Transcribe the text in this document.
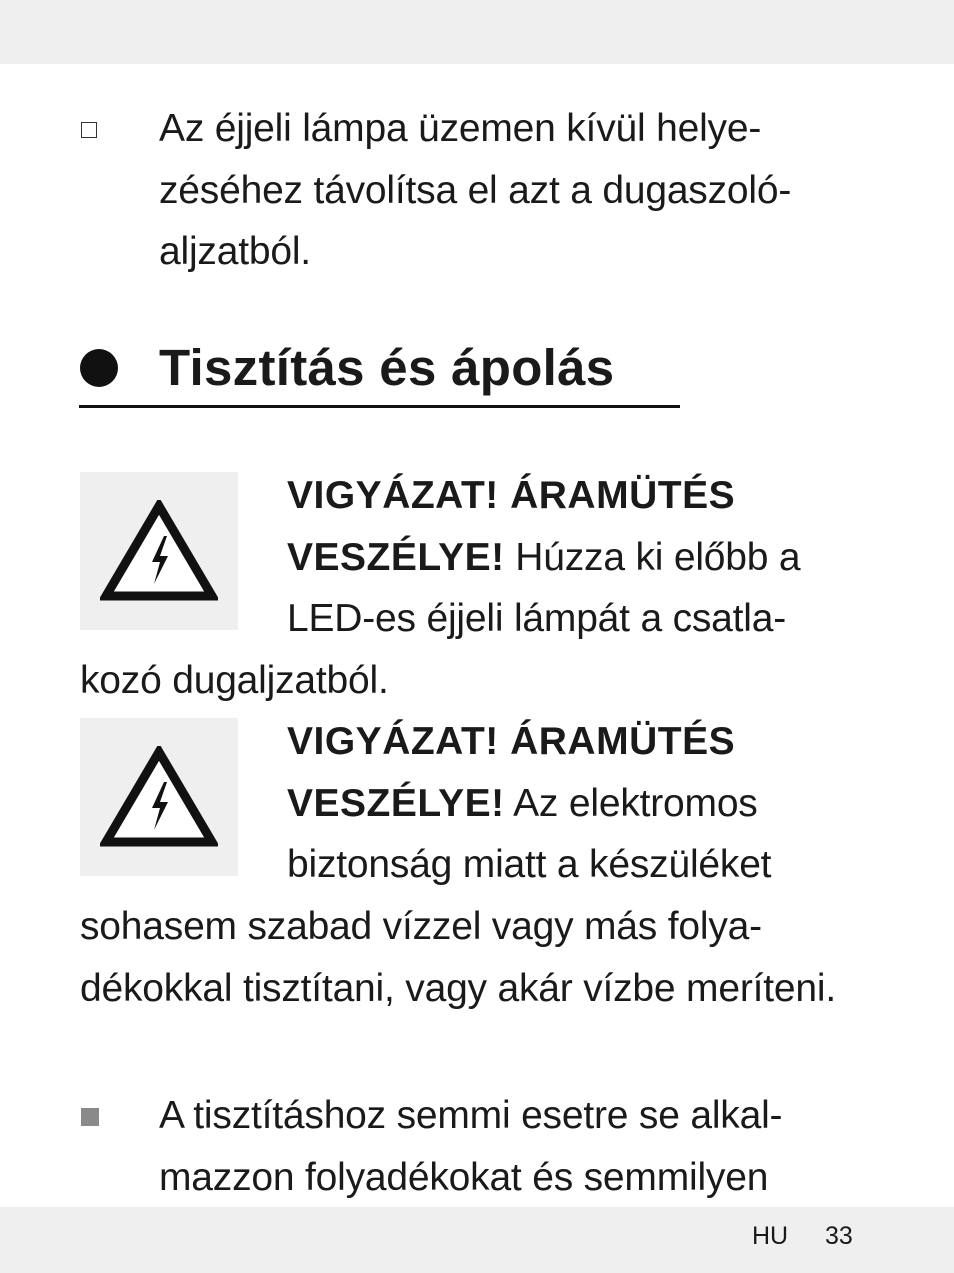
Az éjjeli lámpa üzemen kívül helye-
zéséhez távolítsa el azt a dugaszoló-
aljzatból.
Tisztítás és ápolás
VIGYÁZAT! ÁRAMÜTÉS
VESZÉLYE! Húzza ki előbb a
LED-es éjjeli lámpát a csatla-
kozó dugaljzatból.
VIGYÁZAT! ÁRAMÜTÉS
VESZÉLYE! Az elektromos
biztonság miatt a készüléket
sohasem szabad vízzel vagy más folya-
dékokkal tisztítani, vagy akár vízbe meríteni.
A tisztításhoz semmi esetre se alkal-
mazzon folyadékokat és semmilyen
HU 33
